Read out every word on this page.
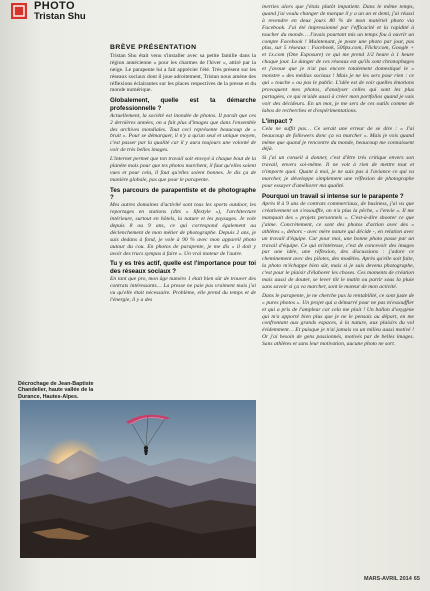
PHOTO
Tristan Shu
BRÈVE PRÉSENTATION

Tristan Shu était venu s'installer avec sa petite famille dans la région annécienne « pour les charmes de l'hiver », attiré par la neige. Le parapente lui a fait apprécier l'été. Très présent sur les réseaux sociaux dont il joue adroitement, Tristan nous amène des réflexions éclairantes sur les places respectives de la presse et du monde numérique.

Globalement, quelle est ta démarche professionnelle ?

Actuellement, la société est inondée de photos. Il paraît que ces 2 dernières années, on a fait plus d'images que dans l'ensemble des archives mondiales. Tout ceci représente beaucoup de « bruit ». Pour se démarquer, il n'y a qu'un seul et unique moyen, c'est passer par la qualité car il y aura toujours une volonté de voir de très belles images.

L'internet permet que ton travail soit envoyé à chaque bout de la planète mais pour que tes photos marchent, il faut qu'elles soient vues et pour cela, il faut qu'elles soient bonnes. Je dis ça de manière globale, pas que pour le parapente.

Tes parcours de parapentiste et de photographe ?

Mes autres domaines d'activité sont tous les sports outdoor, les reportages en stations (dits « lifestyle »), l'architecture intérieure, surtout en hôtels, la nature et les paysages. Je vole depuis 8 ou 9 ans, ce qui correspond également au déclenchement de mon métier de photographe. Depuis 2 ans, je suis dedans à fond, je vole à 90 % avec mon appareil photo autour du cou. En photos de parapente, je me dis « il doit y avoir des trucs sympas à faire ». Un vrai moteur de l'autre.

Tu y es très actif, quelle est l'importance pour toi des réseaux sociaux ?

En tant que pro, mon âge numéro 1 était bien sûr de trouver des contrats intéressants… La presse ne paie pas vraiment mais j'ai vu qu'elle était nécessaire. Problème, elle prend du temps et de l'énergie, il y a des

inerties alors que j'étais plutôt impatient. Dans le même temps, quand j'ai voulu changer de marque il y a un an et demi, j'ai réussi à revendre en deux jours 80 % de mon matériel photo via Facebook. J'ai été impressionné par l'efficacité et la rapidité à toucher du monde… J'avais pourtant mis un temps fou à ouvrir un compte Facebook ! Maintenant, je poste une photo par jour, pas plus, sur 5 réseaux : Facebook, 500px.com, Flickr.com, Google + et 1x.com (One Exposure) ce qui me prend 1/2 heure à 1 heure chaque jour. Le danger de ces réseaux est qu'ils sont chronophages et j'avoue que je n'ai pas encore totalement domestiqué le « monstre » des médias sociaux ! Mais je ne les sers pour rien : ce qui « touche » ou pas le public. L'idée est de voir quelles émotions provoquent mes photos, d'analyser celles qui sont les plus partagées, ce qui m'aide aussi à créer mon portfolios quand je vais voir des décideurs. En un mot, je me sers de ces outils comme de labos de recherches et d'expérimentations.

L'impact ?

Cela ne suffit pas… Ce serait une erreur de se dire : « J'ai beaucoup de followers donc ça va marcher ». Mais je vois quand même que quand je rencontre du monde, beaucoup me connaissent déjà.

Si j'ai un conseil à donner, c'est d'être très critique envers son travail, envers soi-même. Il ne voit à rien de mettre tout et n'importe quoi. Quant à moi, je ne suis pas à l'aviance ce qui va marcher, je développe simplement une réflexion de photographe pour essayer d'améliorer ma qualité.

Pourquoi un travail si intense sur le parapente ?

Après 8 à 9 ans de contrats commerciaux, de business, j'ai vu que créativement on s'essouffle, on n'a plus la pêche, « l'envie ». Il me manquait des « projets personnels ». C'est-à-dire shooter ce que j'aime. Concrètement, ce sont des photos d'action avec des « athlètes », dehors - avec mère nature qui décide -, en relation avec un travail d'équipe. Car pour moi, une bonne photo passe par un travail d'équipe. Ce qui m'intéresse, c'est de concevoir des images par une idée, une réflexion, des discussions : j'adore ce cheminement avec des pilotes, des modèles. Après qu'elle soit faite, la photo m'échappe bien sûr, mais si je suis devenu photographe, c'est pour le plaisir d'élaborer les choses. Ces moments de création mais aussi de douter, se lever tôt le matin ou partir sous la pluie sans savoir si ça va marcher, sont le moteur de mon activité.

Dans le parapente, je ne cherche pas la rentabilité, ce sont juste de « pures photos ». Un projet qui a démarré pour ne pas m'essouffler et qui a pris de l'ampleur car cela me plait ! Un ballon d'oxygène qui m'a apporté bien plus que je ne le pensais au départ, en me confrontant aux grands espaces, à la nature, aux plaisirs du vol évidemment… Et puisque je n'ai jamais vu un milieu aussi motivé ! Or j'ai besoin de gens passionnés, motivés par de belles images. Sans athlètes et sans leur motivation, aucune photo ne sort.

Décrochage de Jean-Baptiste Chandelier, haute vallée de la Durance, Hautes-Alpes.
MARS-AVRIL 2014 65
